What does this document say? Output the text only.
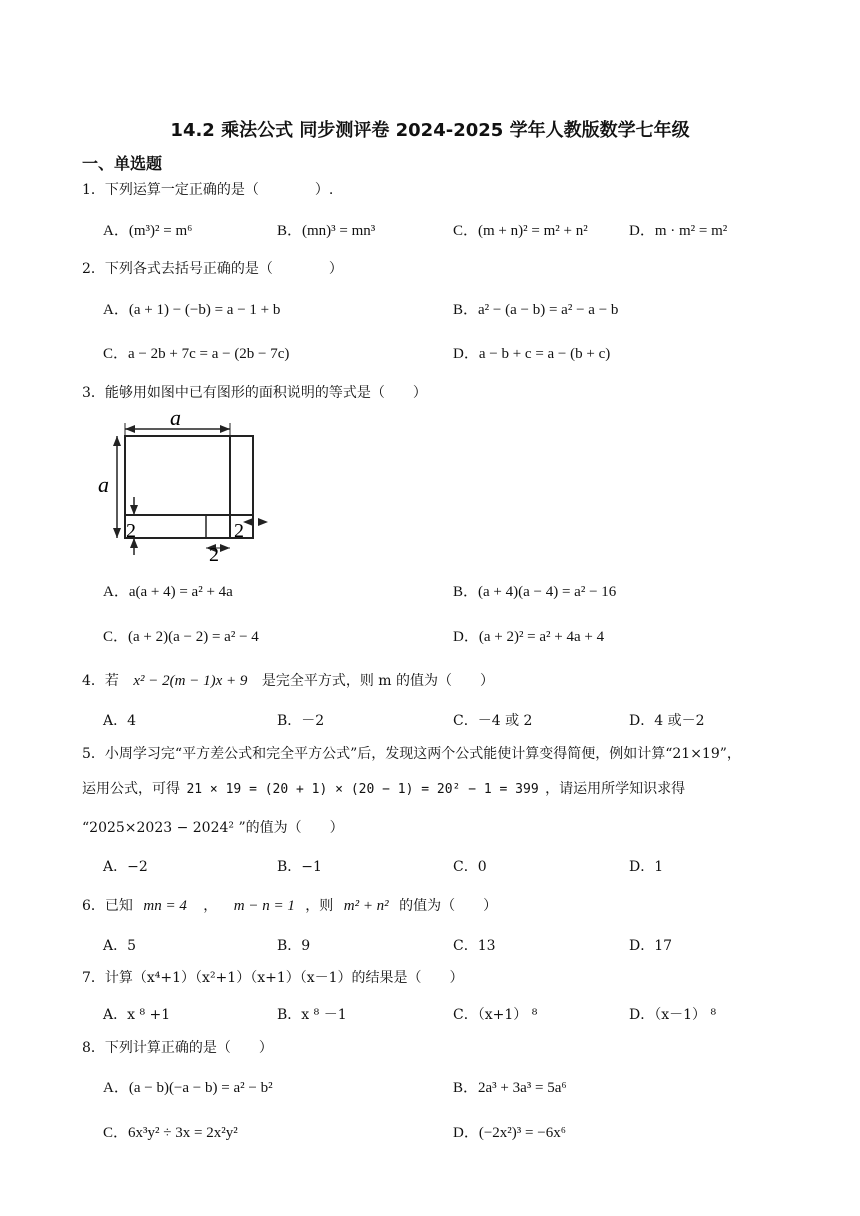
14.2 乘法公式 同步测评卷 2024-2025 学年人教版数学七年级
一、单选题
1．下列运算一定正确的是（　　　　）.
A．(m³)² = m⁶	B．(mn)³ = mn³	C．(m + n)² = m² + n²	D．m · m² = m²
2．下列各式去括号正确的是（　　　　）
A．(a + 1) − (−b) = a − 1 + b	B．a² − (a − b) = a² − a − b
C．a − 2b + 7c = a − (2b − 7c)	D．a − b + c = a − (b + c)
3．能够用如图中已有图形的面积说明的等式是（　　）
a
a
2
2
2
A．a(a + 4) = a² + 4a	B．(a + 4)(a − 4) = a² − 16
C．(a + 2)(a − 2) = a² − 4	D．(a + 2)² = a² + 4a + 4
4．若 x² − 2(m − 1)x + 9 是完全平方式，则 m 的值为（　　）
A．4	B．－2	C．－4 或 2	D．4 或－2
5．小周学习完“平方差公式和完全平方公式”后，发现这两个公式能使计算变得简便，例如计算“21×19”，
运用公式，可得 21 × 19 = (20 + 1) × (20 − 1) = 20² − 1 = 399 ，请运用所学知识求得
“2025×2023 − 2024² ”的值为（　　）
A．−2	B．−1	C．0	D．1
6．已知 mn = 4 ， m − n = 1 ，则 m² + n² 的值为（　　）
A．5	B．9	C．13	D．17
7．计算（x⁴+1）（x²+1）（x+1）（x－1）的结果是（　　）
A．x ⁸ +1	B．x ⁸ －1	C．（x+1） ⁸	D．（x－1） ⁸
8．下列计算正确的是（　　）
A．(a − b)(−a − b) = a² − b²	B．2a³ + 3a³ = 5a⁶
C．6x³y² ÷ 3x = 2x²y²	D．(−2x²)³ = −6x⁶
